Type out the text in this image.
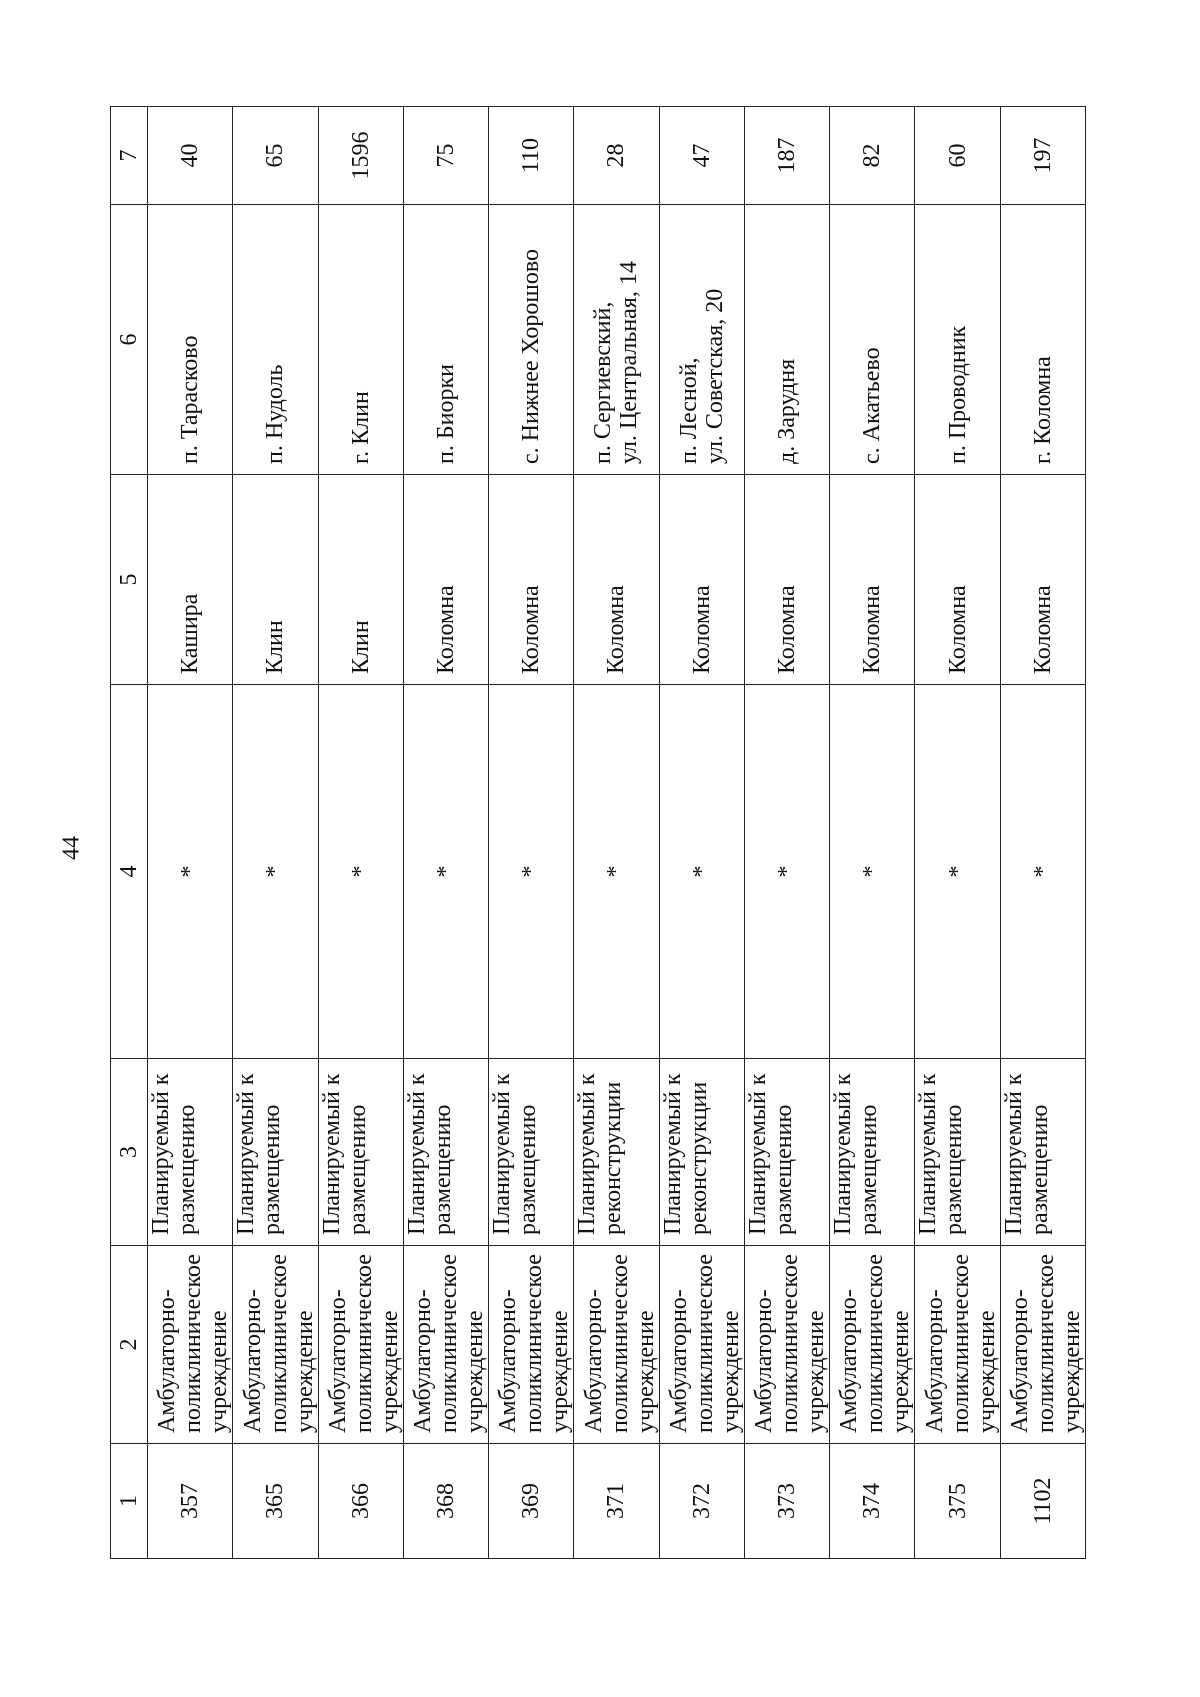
44
1	2	3	4	5	6	7

357	Амбулаторно-
поликлиническое
учреждение	Планируемый к
размещению	*	Кашира	п. Тарасково	40

365	Амбулаторно-
поликлиническое
учреждение	Планируемый к
размещению	*	Клин	п. Нудоль	65

366	Амбулаторно-
поликлиническое
учреждение	Планируемый к
размещению	*	Клин	г. Клин	1596

368	Амбулаторно-
поликлиническое
учреждение	Планируемый к
размещению	*	Коломна	п. Биорки	75

369	Амбулаторно-
поликлиническое
учреждение	Планируемый к
размещению	*	Коломна	с. Нижнее Хорошово	110

371	Амбулаторно-
поликлиническое
учреждение	Планируемый к
реконструкции	*	Коломна	п. Сергиевский,
ул. Центральная, 14	28

372	Амбулаторно-
поликлиническое
учреждение	Планируемый к
реконструкции	*	Коломна	п. Лесной,
ул. Советская, 20	47

373	Амбулаторно-
поликлиническое
учреждение	Планируемый к
размещению	*	Коломна	д. Зарудня	187

374	Амбулаторно-
поликлиническое
учреждение	Планируемый к
размещению	*	Коломна	с. Акатьево	82

375	Амбулаторно-
поликлиническое
учреждение	Планируемый к
размещению	*	Коломна	п. Проводник	60

1102	Амбулаторно-
поликлиническое
учреждение	Планируемый к
размещению	*	Коломна	г. Коломна	197
